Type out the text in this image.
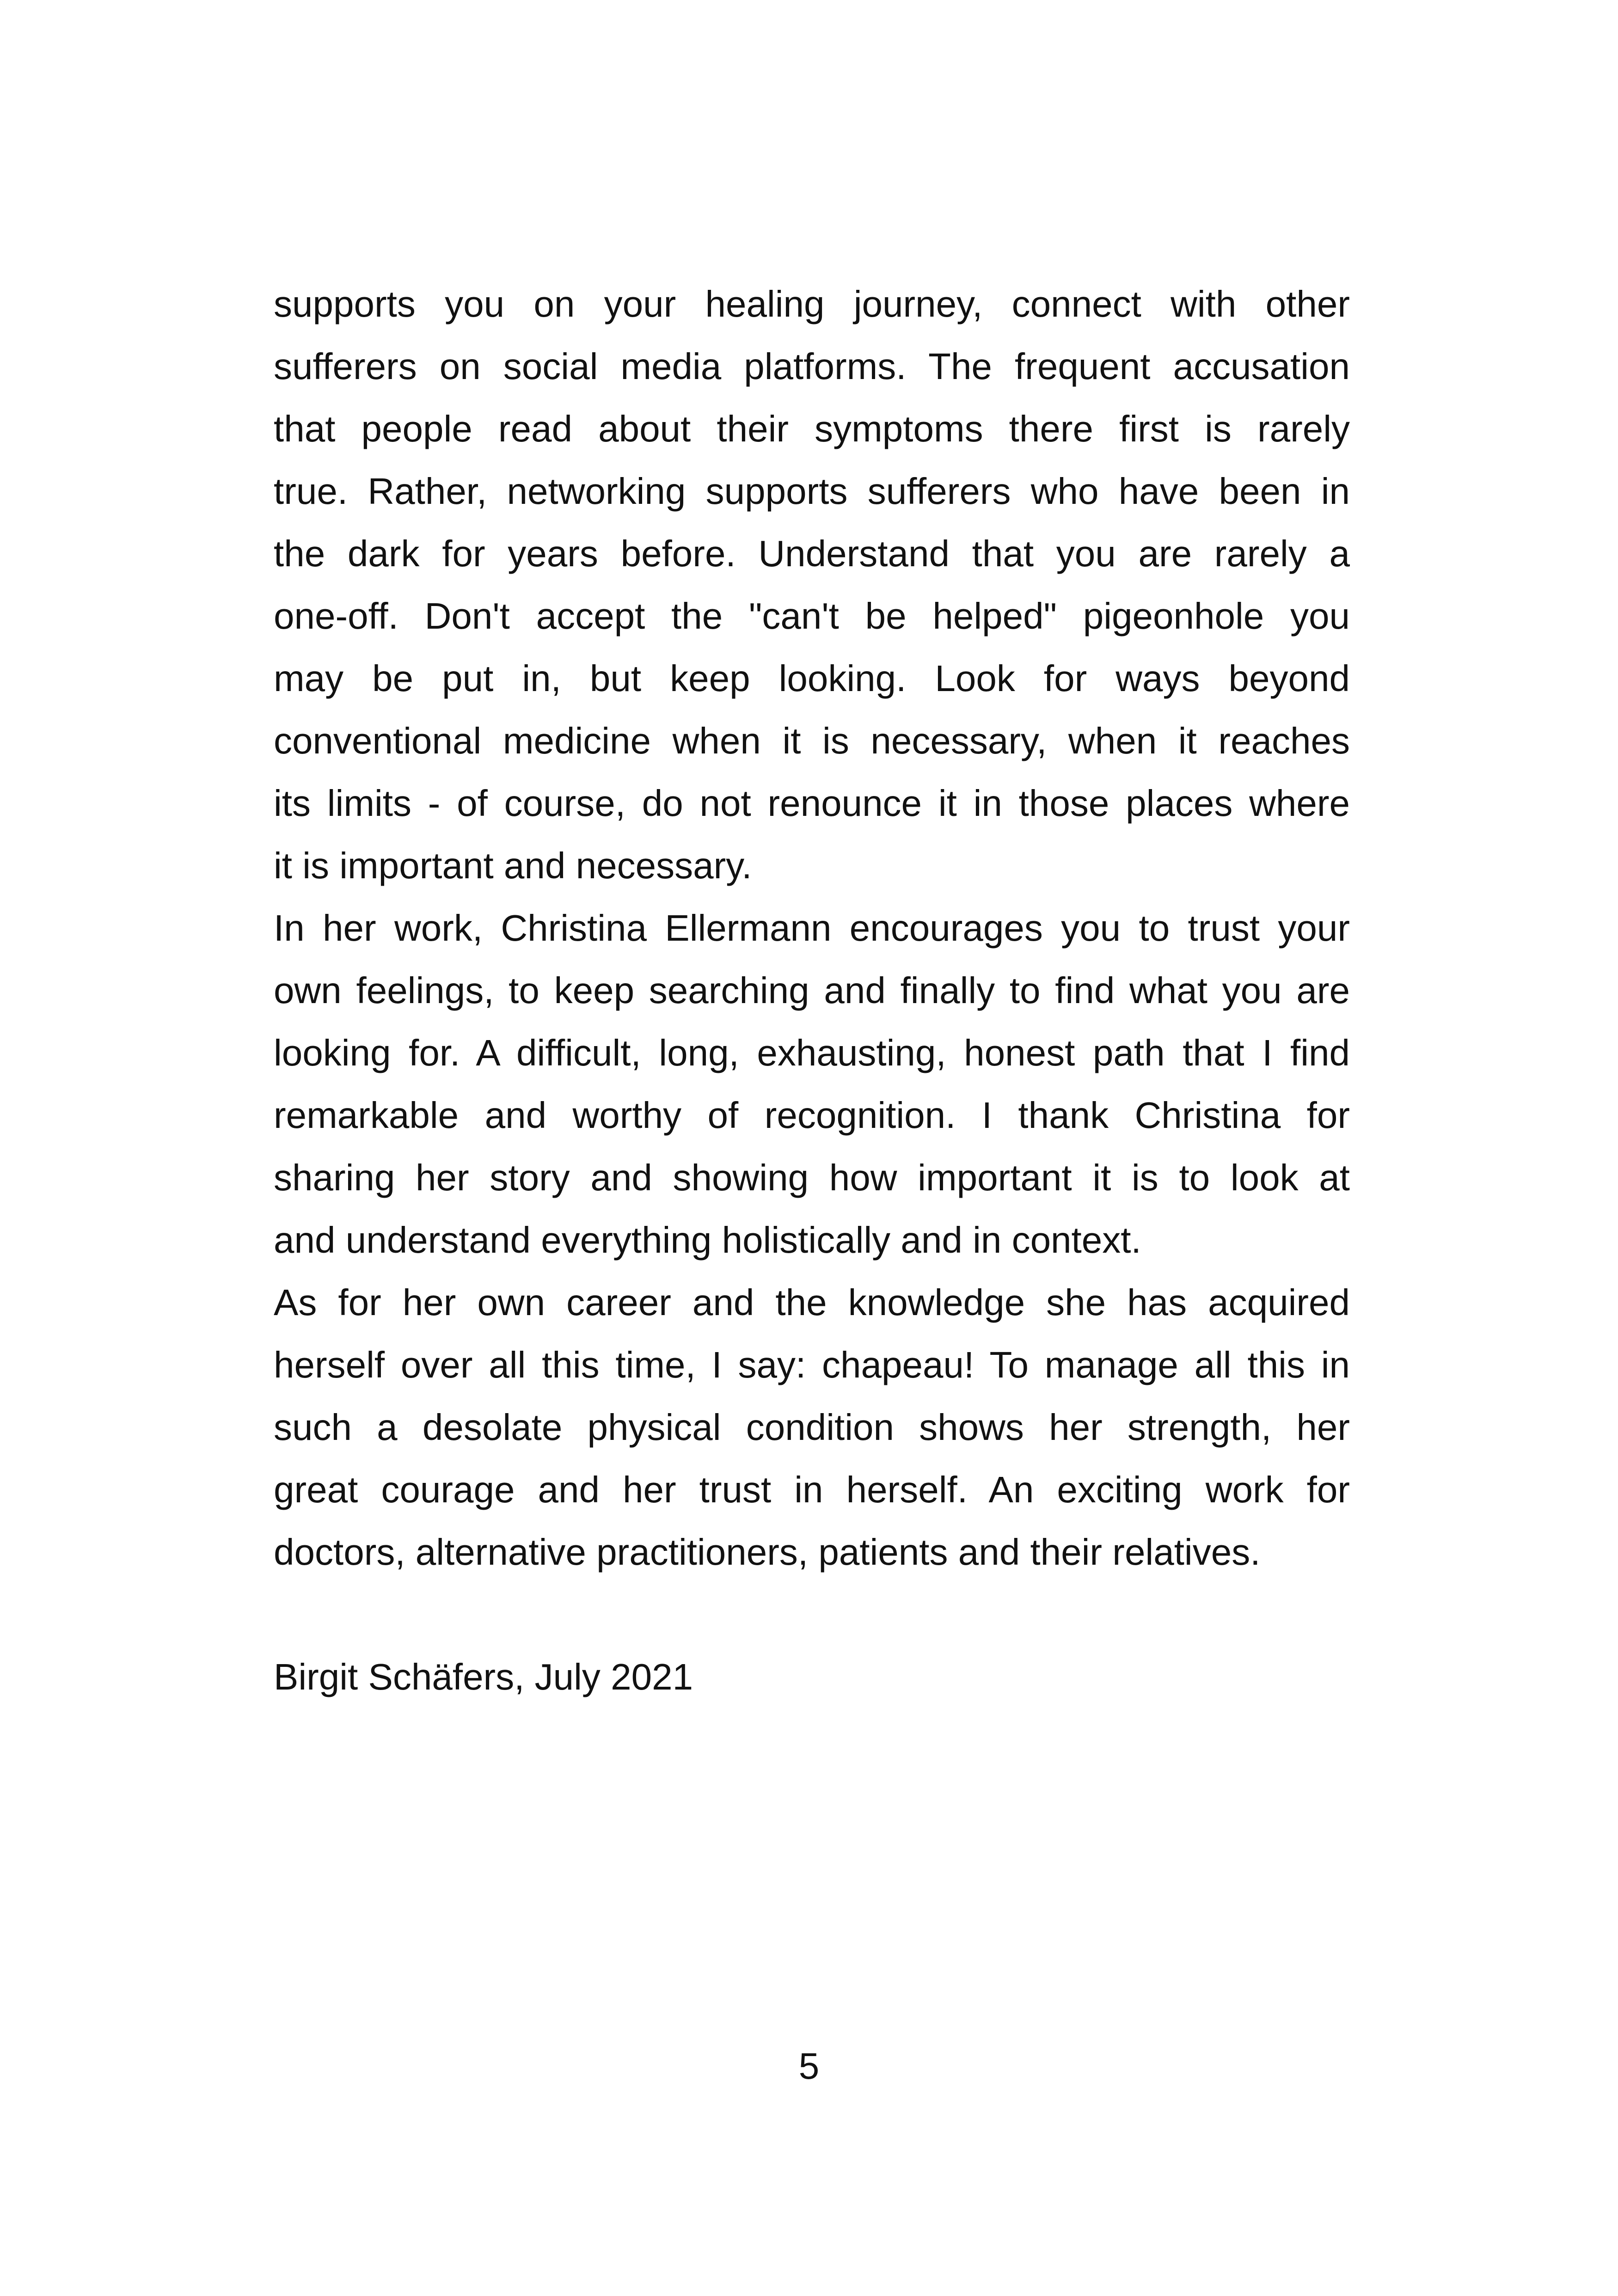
supports you on your healing journey, connect with other
sufferers on social media platforms. The frequent accusation
that people read about their symptoms there first is rarely
true. Rather, networking supports sufferers who have been in
the dark for years before. Understand that you are rarely a
one-off. Don't accept the "can't be helped" pigeonhole you
may be put in, but keep looking. Look for ways beyond
conventional medicine when it is necessary, when it reaches
its limits - of course, do not renounce it in those places where
it is important and necessary.
In her work, Christina Ellermann encourages you to trust your
own feelings, to keep searching and finally to find what you are
looking for. A difficult, long, exhausting, honest path that I find
remarkable and worthy of recognition. I thank Christina for
sharing her story and showing how important it is to look at
and understand everything holistically and in context.
As for her own career and the knowledge she has acquired
herself over all this time, I say: chapeau! To manage all this in
such a desolate physical condition shows her strength, her
great courage and her trust in herself. An exciting work for
doctors, alternative practitioners, patients and their relatives.
Birgit Schäfers, July 2021
5
